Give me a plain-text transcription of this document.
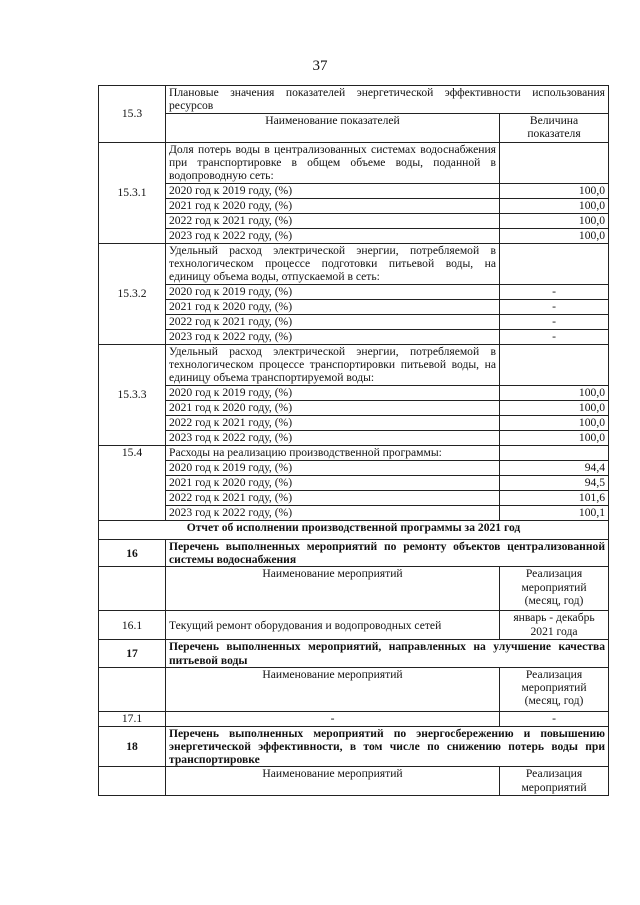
37
15.3	Плановые значения показателей энергетической эффективности использования ресурсов	
	Наименование показателей	Величина показателя
15.3.1	Доля потерь воды в централизованных системах водоснабжения при транспортировке в общем объеме воды, поданной в водопроводную сеть:	
	2020 год к 2019 году, (%)	100,0
	2021 год к 2020 году, (%)	100,0
	2022 год к 2021 году, (%)	100,0
	2023 год к 2022 году, (%)	100,0
15.3.2	Удельный расход электрической энергии, потребляемой в технологическом процессе подготовки питьевой воды, на единицу объема воды, отпускаемой в сеть:	
	2020 год к 2019 году, (%)	-
	2021 год к 2020 году, (%)	-
	2022 год к 2021 году, (%)	-
	2023 год к 2022 году, (%)	-
15.3.3	Удельный расход электрической энергии, потребляемой в технологическом процессе транспортировки питьевой воды, на единицу объема транспортируемой воды:	
	2020 год к 2019 году, (%)	100,0
	2021 год к 2020 году, (%)	100,0
	2022 год к 2021 году, (%)	100,0
	2023 год к 2022 году, (%)	100,0
15.4	Расходы на реализацию производственной программы:	
	2020 год к 2019 году, (%)	94,4
	2021 год к 2020 году, (%)	94,5
	2022 год к 2021 году, (%)	101,6
	2023 год к 2022 году, (%)	100,1
Отчет об исполнении производственной программы за 2021 год		
16	Перечень выполненных мероприятий по ремонту объектов централизованной системы водоснабжения	
	Наименование мероприятий	Реализация мероприятий (месяц, год)
16.1	Текущий ремонт оборудования и водопроводных сетей	январь - декабрь 2021 года
17	Перечень выполненных мероприятий, направленных на улучшение качества питьевой воды	
	Наименование мероприятий	Реализация мероприятий (месяц, год)
17.1	-	-
18	Перечень выполненных мероприятий по энергосбережению и повышению энергетической эффективности, в том числе по снижению потерь воды при транспортировке	
	Наименование мероприятий	Реализация мероприятий
